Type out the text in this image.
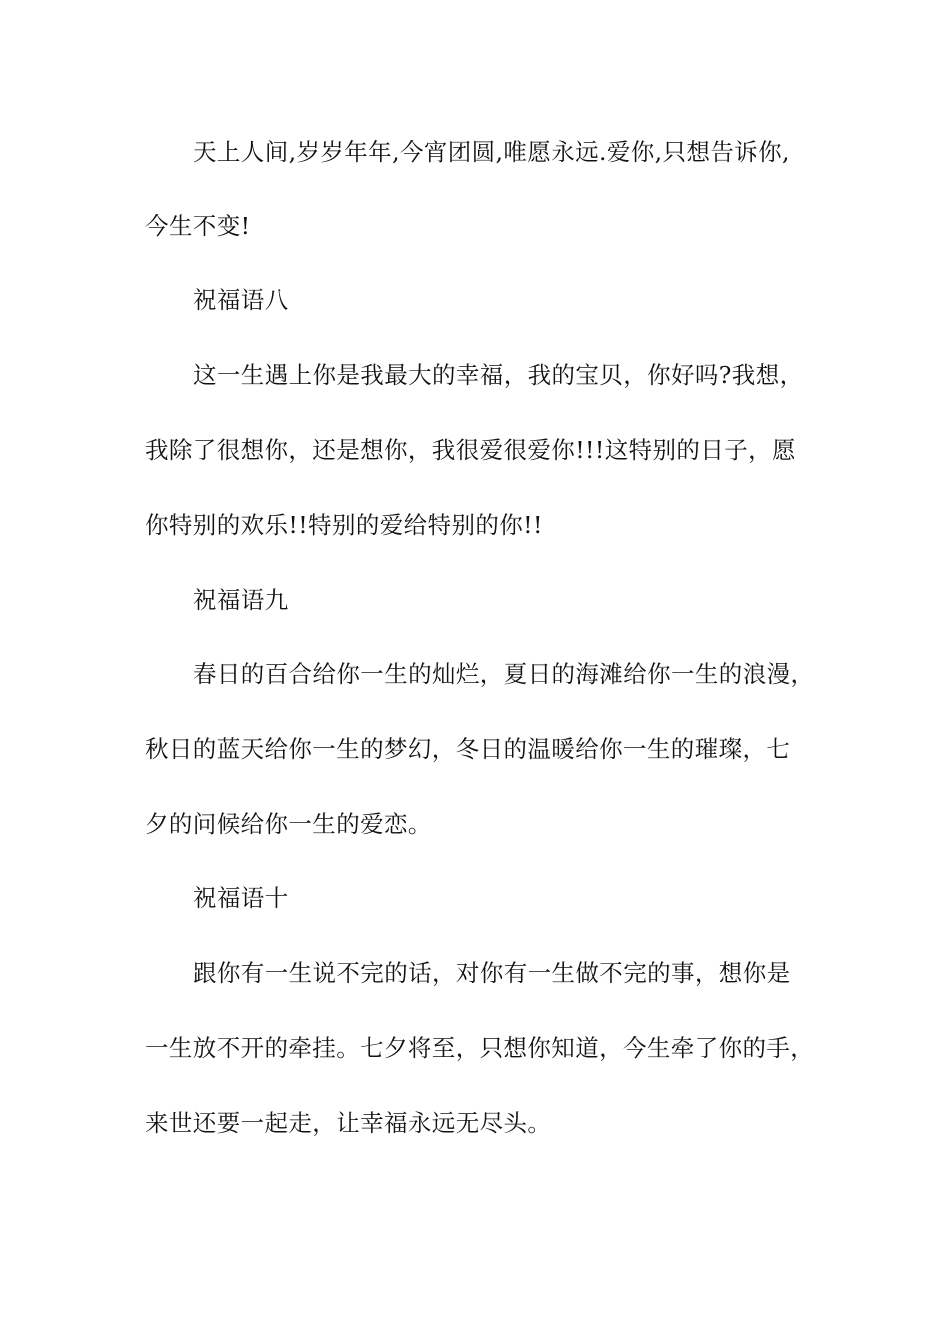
天上人间,岁岁年年,今宵团圆,唯愿永远.爱你,只想告诉你,
今生不变!
祝福语八
这一生遇上你是我最大的幸福，我的宝贝，你好吗?我想，
我除了很想你，还是想你，我很爱很爱你!!!这特别的日子，愿
你特别的欢乐!!特别的爱给特别的你!!
祝福语九
春日的百合给你一生的灿烂，夏日的海滩给你一生的浪漫，
秋日的蓝天给你一生的梦幻，冬日的温暖给你一生的璀璨，七
夕的问候给你一生的爱恋。
祝福语十
跟你有一生说不完的话，对你有一生做不完的事，想你是
一生放不开的牵挂。七夕将至，只想你知道，今生牵了你的手，
来世还要一起走，让幸福永远无尽头。
